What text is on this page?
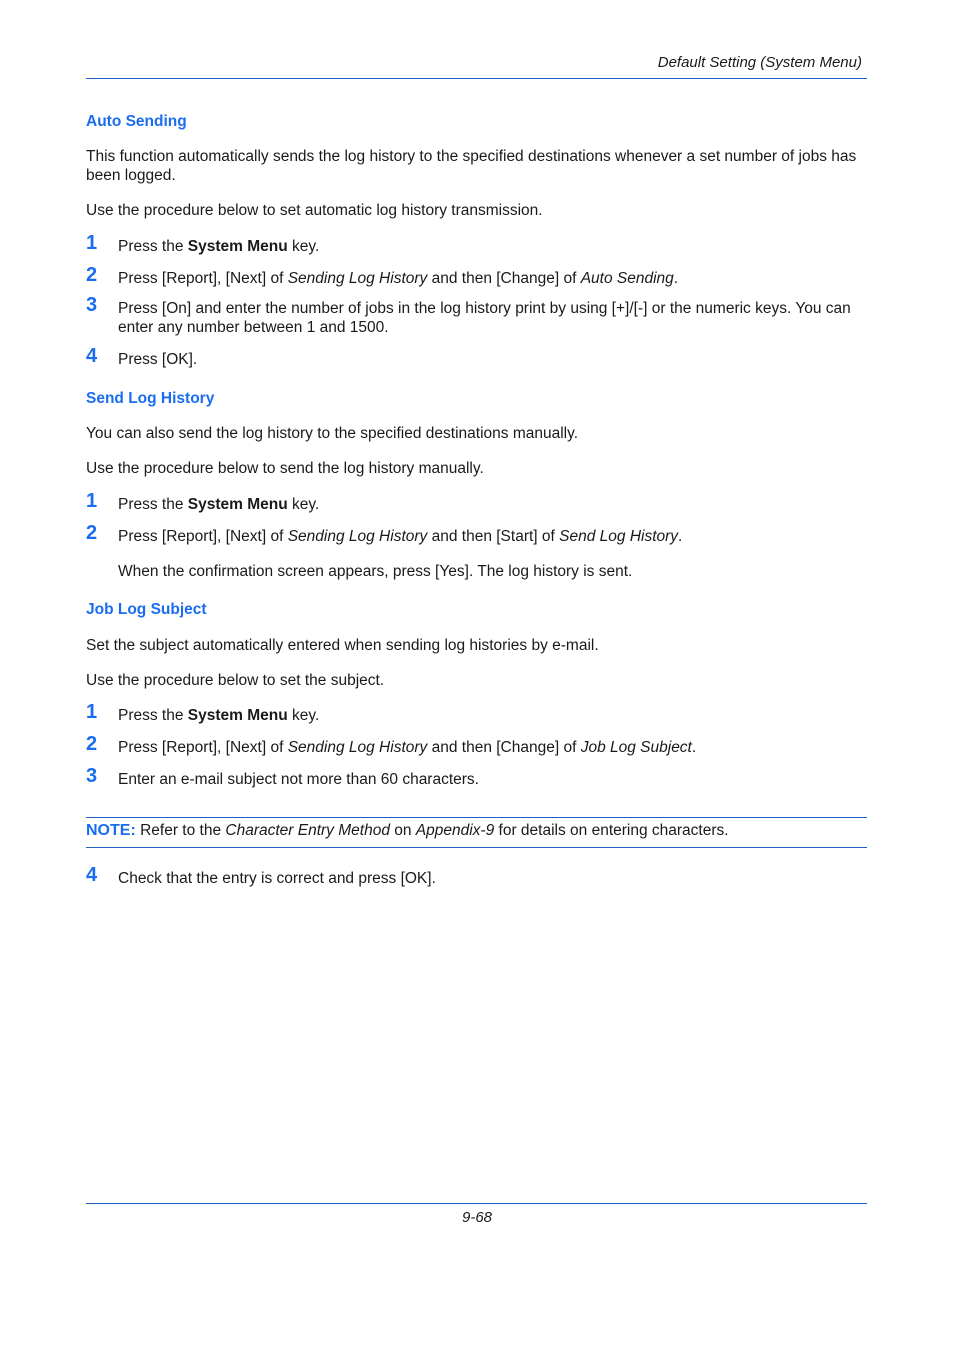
Default Setting (System Menu)
Auto Sending
This function automatically sends the log history to the specified destinations whenever a set number of jobs has been logged.
Use the procedure below to set automatic log history transmission.
1 Press the System Menu key.
2 Press [Report], [Next] of Sending Log History and then [Change] of Auto Sending.
3 Press [On] and enter the number of jobs in the log history print by using [+]/[-] or the numeric keys. You can enter any number between 1 and 1500.
4 Press [OK].
Send Log History
You can also send the log history to the specified destinations manually.
Use the procedure below to send the log history manually.
1 Press the System Menu key.
2 Press [Report], [Next] of Sending Log History and then [Start] of Send Log History.
When the confirmation screen appears, press [Yes]. The log history is sent.
Job Log Subject
Set the subject automatically entered when sending log histories by e-mail.
Use the procedure below to set the subject.
1 Press the System Menu key.
2 Press [Report], [Next] of Sending Log History and then [Change] of Job Log Subject.
3 Enter an e-mail subject not more than 60 characters.
NOTE: Refer to the Character Entry Method on Appendix-9 for details on entering characters.
4 Check that the entry is correct and press [OK].
9-68
